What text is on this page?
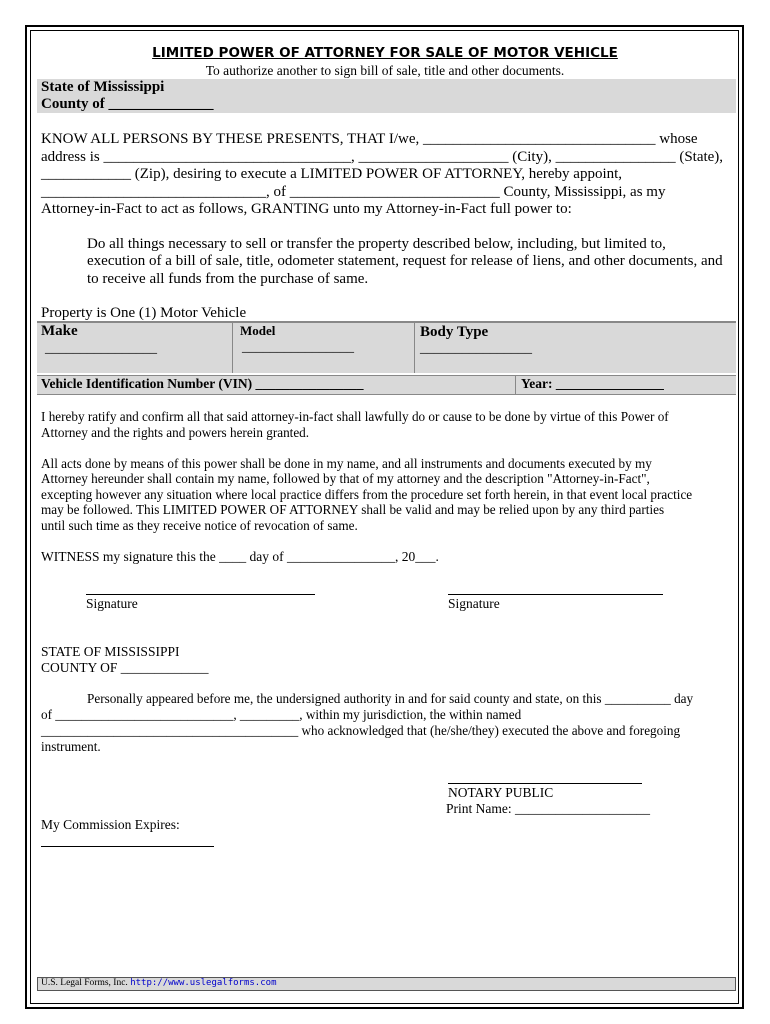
LIMITED POWER OF ATTORNEY FOR SALE OF MOTOR VEHICLE
To authorize another to sign bill of sale, title and other documents.
State of Mississippi
County of ______________
KNOW ALL PERSONS BY THESE PRESENTS, THAT I/we, _______________________________ whose
address is _________________________________, ____________________ (City), ________________ (State),
____________ (Zip), desiring to execute a LIMITED POWER OF ATTORNEY, hereby appoint,
______________________________, of ____________________________ County, Mississippi, as my
Attorney-in-Fact to act as follows, GRANTING unto my Attorney-in-Fact full power to:
Do all things necessary to sell or transfer the property described below, including, but limited to,
execution of a bill of sale, title, odometer statement, request for release of liens, and other documents, and
to receive all funds from the purchase of same.
Property is One (1) Motor Vehicle
Make	Model	Body Type
________________	________________	________________
Vehicle Identification Number (VIN) ________________	Year: ________________
I hereby ratify and confirm all that said attorney-in-fact shall lawfully do or cause to be done by virtue of this Power of
Attorney and the rights and powers herein granted.
All acts done by means of this power shall be done in my name, and all instruments and documents executed by my
Attorney hereunder shall contain my name, followed by that of my attorney and the description "Attorney-in-Fact",
excepting however any situation where local practice differs from the procedure set forth herein, in that event local practice
may be followed. This LIMITED POWER OF ATTORNEY shall be valid and may be relied upon by any third parties
until such time as they receive notice of revocation of same.
WITNESS my signature this the ____ day of ________________, 20___.
Signature	Signature
STATE OF MISSISSIPPI
COUNTY OF _____________
Personally appeared before me, the undersigned authority in and for said county and state, on this __________ day
of ___________________________, _________, within my jurisdiction, the within named
_______________________________________ who acknowledged that (he/she/they) executed the above and foregoing
instrument.
NOTARY PUBLIC
Print Name: ____________________
My Commission Expires:
U.S. Legal Forms, Inc. http://www.uslegalforms.com
